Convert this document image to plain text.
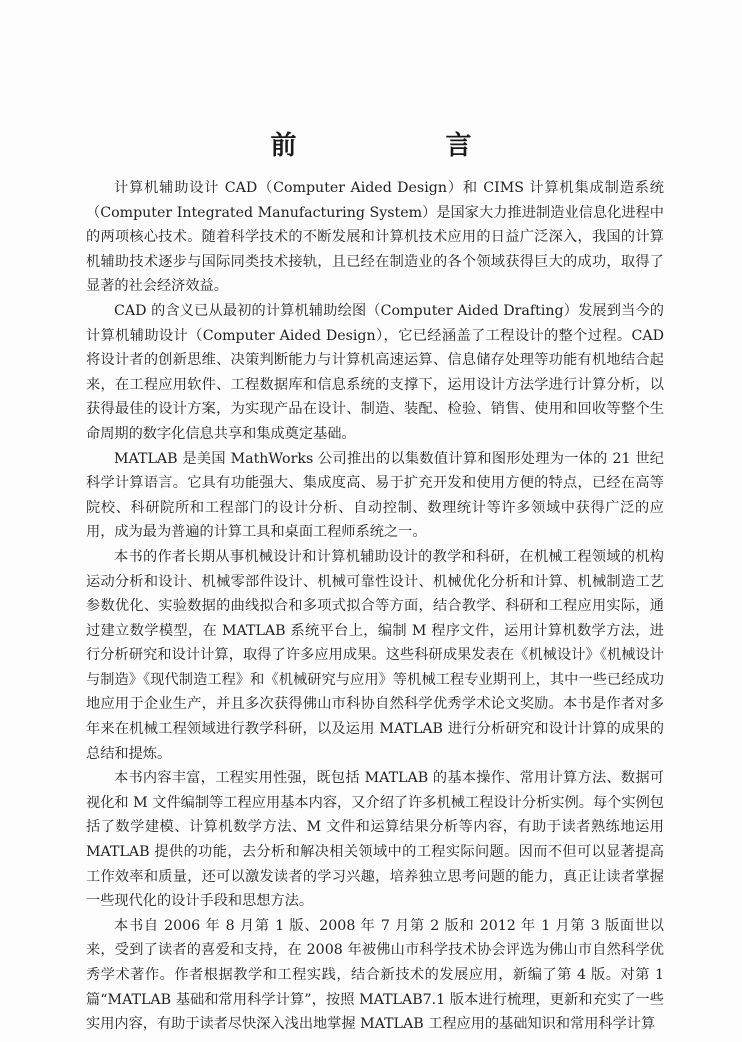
前 言

计算机辅助设计 CAD（Computer Aided Design）和 CIMS 计算机集成制造系统（Computer Integrated Manufacturing System）是国家大力推进制造业信息化进程中的两项核心技术。随着科学技术的不断发展和计算机技术应用的日益广泛深入，我国的计算机辅助技术逐步与国际同类技术接轨，且已经在制造业的各个领域获得巨大的成功，取得了显著的社会经济效益。

CAD 的含义已从最初的计算机辅助绘图（Computer Aided Drafting）发展到当今的计算机辅助设计（Computer Aided Design），它已经涵盖了工程设计的整个过程。CAD 将设计者的创新思维、决策判断能力与计算机高速运算、信息储存处理等功能有机地结合起来，在工程应用软件、工程数据库和信息系统的支撑下，运用设计方法学进行计算分析，以获得最佳的设计方案，为实现产品在设计、制造、装配、检验、销售、使用和回收等整个生命周期的数字化信息共享和集成奠定基础。

MATLAB 是美国 MathWorks 公司推出的以集数值计算和图形处理为一体的 21 世纪科学计算语言。它具有功能强大、集成度高、易于扩充开发和使用方便的特点，已经在高等院校、科研院所和工程部门的设计分析、自动控制、数理统计等许多领域中获得广泛的应用，成为最为普遍的计算工具和桌面工程师系统之一。

本书的作者长期从事机械设计和计算机辅助设计的教学和科研，在机械工程领域的机构运动分析和设计、机械零部件设计、机械可靠性设计、机械优化分析和计算、机械制造工艺参数优化、实验数据的曲线拟合和多项式拟合等方面，结合教学、科研和工程应用实际，通过建立数学模型，在 MATLAB 系统平台上，编制 M 程序文件，运用计算机数学方法，进行分析研究和设计计算，取得了许多应用成果。这些科研成果发表在《机械设计》《机械设计与制造》《现代制造工程》和《机械研究与应用》等机械工程专业期刊上，其中一些已经成功地应用于企业生产，并且多次获得佛山市科协自然科学优秀学术论文奖励。本书是作者对多年来在机械工程领域进行教学科研，以及运用 MATLAB 进行分析研究和设计计算的成果的总结和提炼。

本书内容丰富，工程实用性强，既包括 MATLAB 的基本操作、常用计算方法、数据可视化和 M 文件编制等工程应用基本内容，又介绍了许多机械工程设计分析实例。每个实例包括了数学建模、计算机数学方法、M 文件和运算结果分析等内容，有助于读者熟练地运用 MATLAB 提供的功能，去分析和解决相关领域中的工程实际问题。因而不但可以显著提高工作效率和质量，还可以激发读者的学习兴趣，培养独立思考问题的能力，真正让读者掌握一些现代化的设计手段和思想方法。

本书自 2006 年 8 月第 1 版、2008 年 7 月第 2 版和 2012 年 1 月第 3 版面世以来，受到了读者的喜爱和支持，在 2008 年被佛山市科学技术协会评选为佛山市自然科学优秀学术著作。作者根据教学和工程实践，结合新技术的发展应用，新编了第 4 版。对第 1 篇“MATLAB 基础和常用科学计算”，按照 MATLAB7.1 版本进行梳理，更新和充实了一些实用内容，有助于读者尽快深入浅出地掌握 MATLAB 工程应用的基础知识和常用科学计算
